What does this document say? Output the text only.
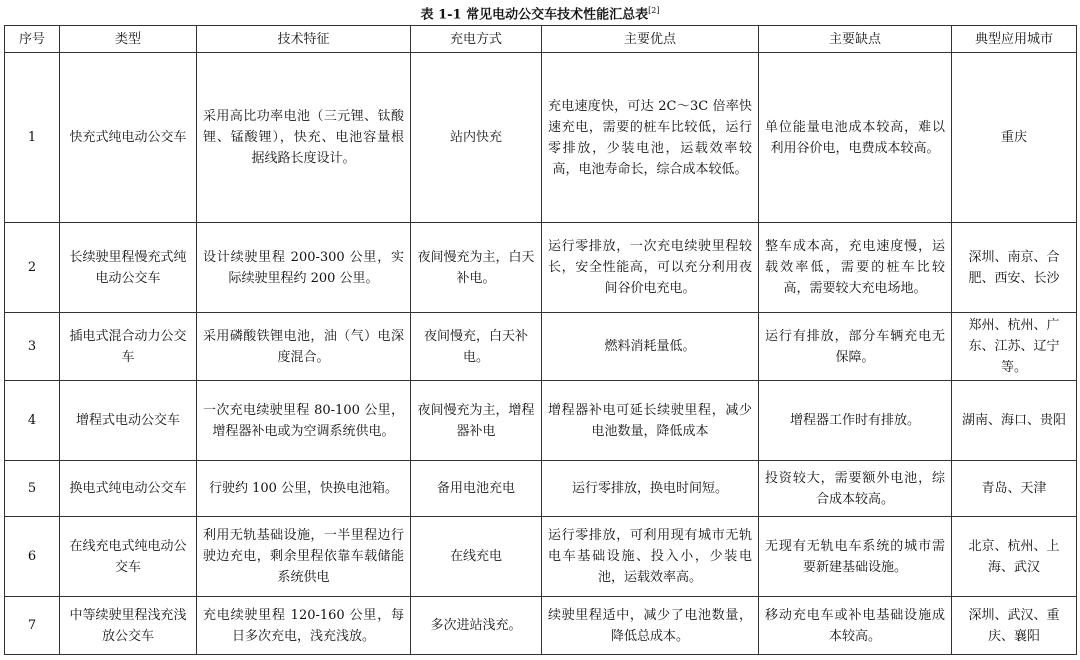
表 1-1 常见电动公交车技术性能汇总表[2]
序号	类型	技术特征	充电方式	主要优点	主要缺点	典型应用城市
1	快充式纯电动公交车	采用高比功率电池（三元锂、钛酸锂、锰酸锂），快充、电池容量根据线路长度设计。	站内快充	充电速度快，可达 2C～3C 倍率快速充电，需要的桩车比较低，运行零排放，少装电池，运载效率较高，电池寿命长，综合成本较低。	单位能量电池成本较高，难以利用谷价电，电费成本较高。	重庆
2	长续驶里程慢充式纯电动公交车	设计续驶里程 200-300 公里，实际续驶里程约 200 公里。	夜间慢充为主，白天补电。	运行零排放，一次充电续驶里程较长，安全性能高，可以充分利用夜间谷价电充电。	整车成本高，充电速度慢，运载效率低，需要的桩车比较高，需要较大充电场地。	深圳、南京、合肥、西安、长沙
3	插电式混合动力公交车	采用磷酸铁锂电池，油（气）电深度混合。	夜间慢充，白天补电。	燃料消耗量低。	运行有排放，部分车辆充电无保障。	郑州、杭州、广东、江苏、辽宁等。
4	增程式电动公交车	一次充电续驶里程 80-100 公里，增程器补电或为空调系统供电。	夜间慢充为主，增程器补电	增程器补电可延长续驶里程，减少电池数量，降低成本	增程器工作时有排放。	湖南、海口、贵阳
5	换电式纯电动公交车	行驶约 100 公里，快换电池箱。	备用电池充电	运行零排放，换电时间短。	投资较大，需要额外电池，综合成本较高。	青岛、天津
6	在线充电式纯电动公交车	利用无轨基础设施，一半里程边行驶边充电，剩余里程依靠车载储能系统供电	在线充电	运行零排放，可利用现有城市无轨电车基础设施、投入小，少装电池，运载效率高。	无现有无轨电车系统的城市需要新建基础设施。	北京、杭州、上海、武汉
7	中等续驶里程浅充浅放公交车	充电续驶里程 120-160 公里，每日多次充电，浅充浅放。	多次进站浅充。	续驶里程适中，减少了电池数量，降低总成本。	移动充电车或补电基础设施成本较高。	深圳、武汉、重庆、襄阳
